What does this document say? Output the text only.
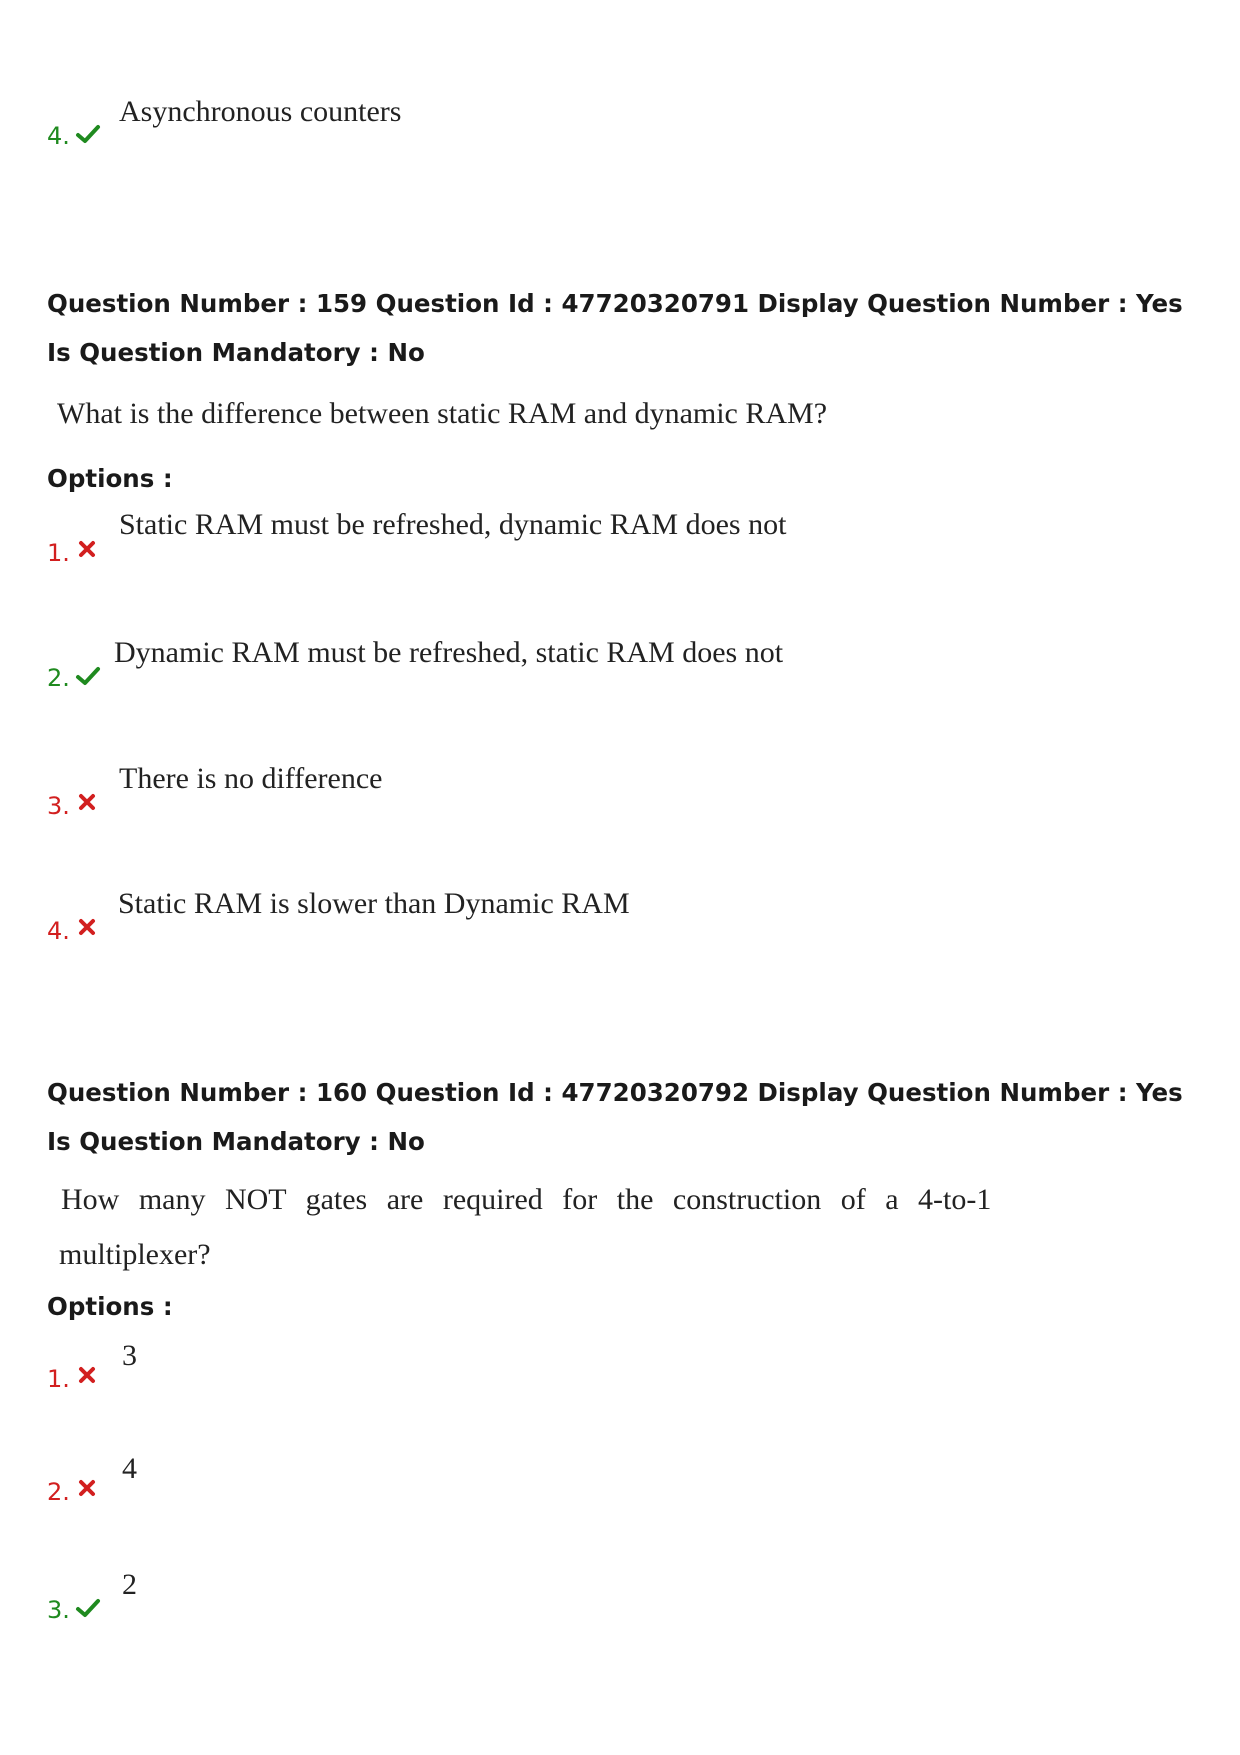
4.
Asynchronous counters
Question Number : 159 Question Id : 47720320791 Display Question Number : Yes Is Question Mandatory : No
What is the difference between static RAM and dynamic RAM?
Options :
1.
Static RAM must be refreshed, dynamic RAM does not
2.
Dynamic RAM must be refreshed, static RAM does not
3.
There is no difference
4.
Static RAM is slower than Dynamic RAM
Question Number : 160 Question Id : 47720320792 Display Question Number : Yes Is Question Mandatory : No
How many NOT gates are required for the construction of a 4-to-1
multiplexer?
Options :
1.
3
2.
4
3.
2
